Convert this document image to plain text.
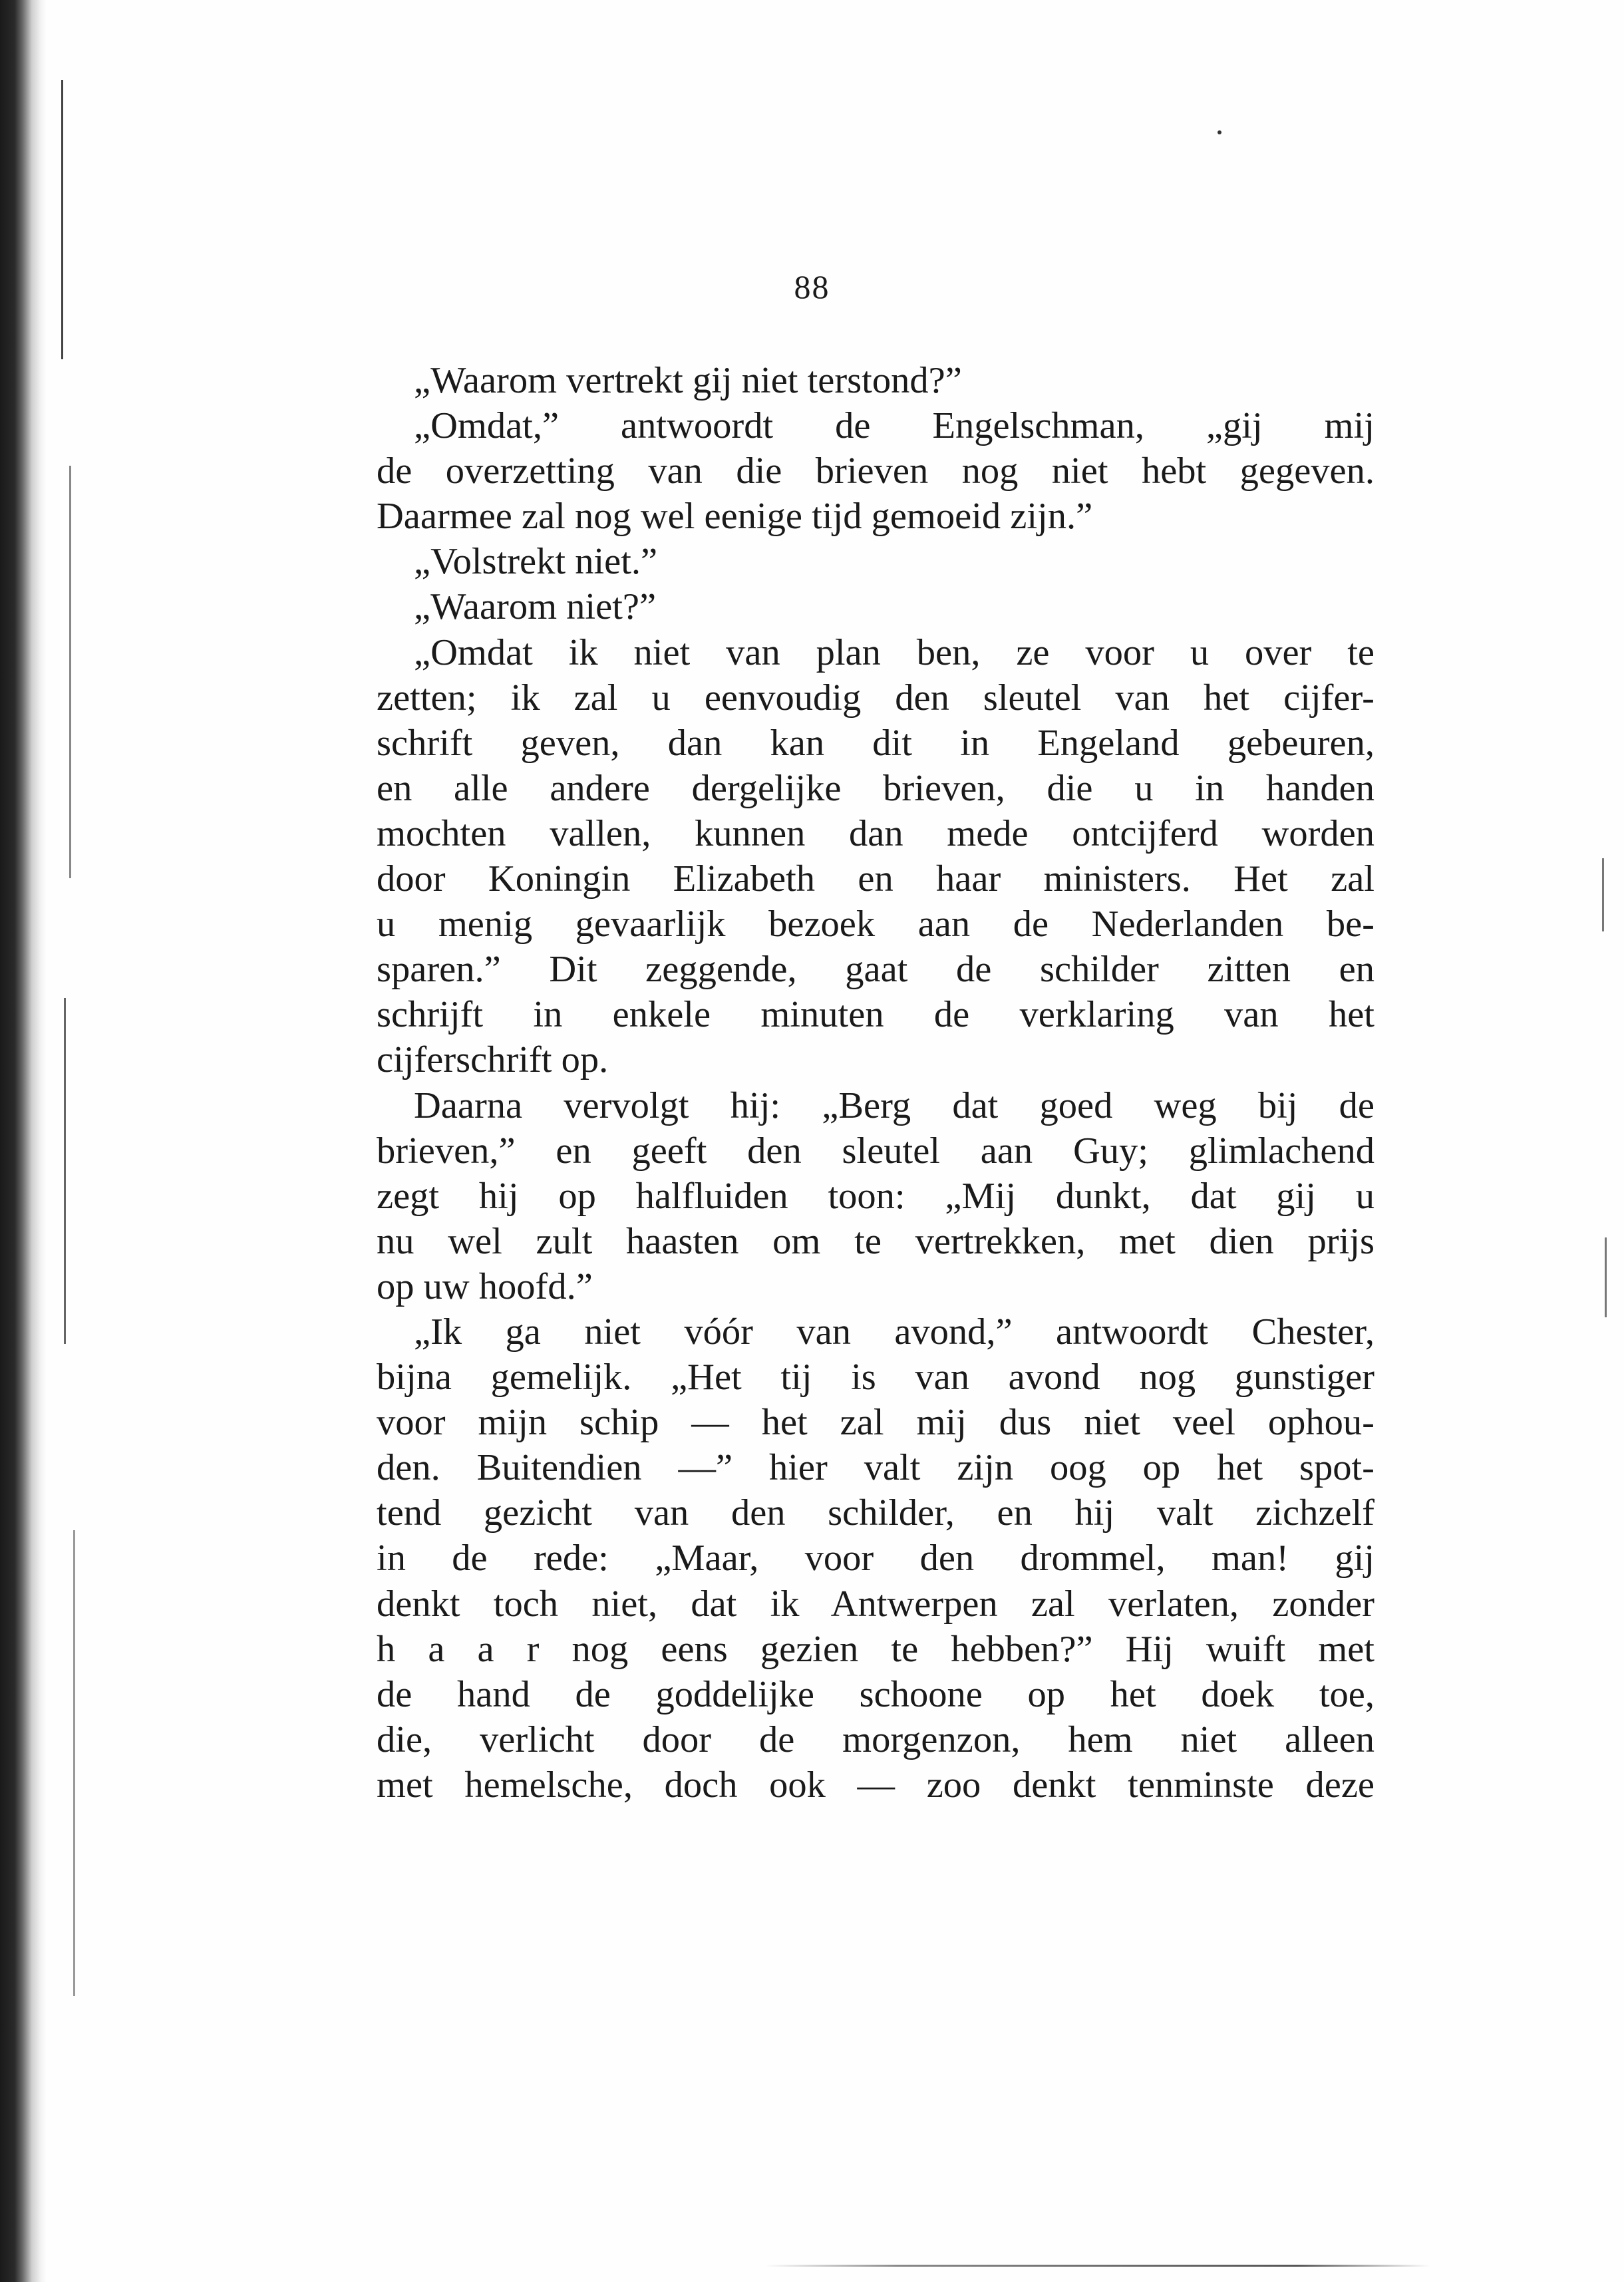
88
„Waarom vertrekt gij niet terstond?”
„Omdat,” antwoordt de Engelschman, „gij mij
de overzetting van die brieven nog niet hebt gegeven.
Daarmee zal nog wel eenige tijd gemoeid zijn.”
„Volstrekt niet.”
„Waarom niet?”
„Omdat ik niet van plan ben, ze voor u over te
zetten; ik zal u eenvoudig den sleutel van het cijfer-
schrift geven, dan kan dit in Engeland gebeuren,
en alle andere dergelijke brieven, die u in handen
mochten vallen, kunnen dan mede ontcijferd worden
door Koningin Elizabeth en haar ministers. Het zal
u menig gevaarlijk bezoek aan de Nederlanden be-
sparen.” Dit zeggende, gaat de schilder zitten en
schrijft in enkele minuten de verklaring van het
cijferschrift op.
Daarna vervolgt hij: „Berg dat goed weg bij de
brieven,” en geeft den sleutel aan Guy; glimlachend
zegt hij op halfluiden toon: „Mij dunkt, dat gij u
nu wel zult haasten om te vertrekken, met dien prijs
op uw hoofd.”
„Ik ga niet vóór van avond,” antwoordt Chester,
bijna gemelijk. „Het tij is van avond nog gunstiger
voor mijn schip — het zal mij dus niet veel ophou-
den. Buitendien —” hier valt zijn oog op het spot-
tend gezicht van den schilder, en hij valt zichzelf
in de rede: „Maar, voor den drommel, man! gij
denkt toch niet, dat ik Antwerpen zal verlaten, zonder
h a a r nog eens gezien te hebben?” Hij wuift met
de hand de goddelijke schoone op het doek toe,
die, verlicht door de morgenzon, hem niet alleen
met hemelsche, doch ook — zoo denkt tenminste deze
